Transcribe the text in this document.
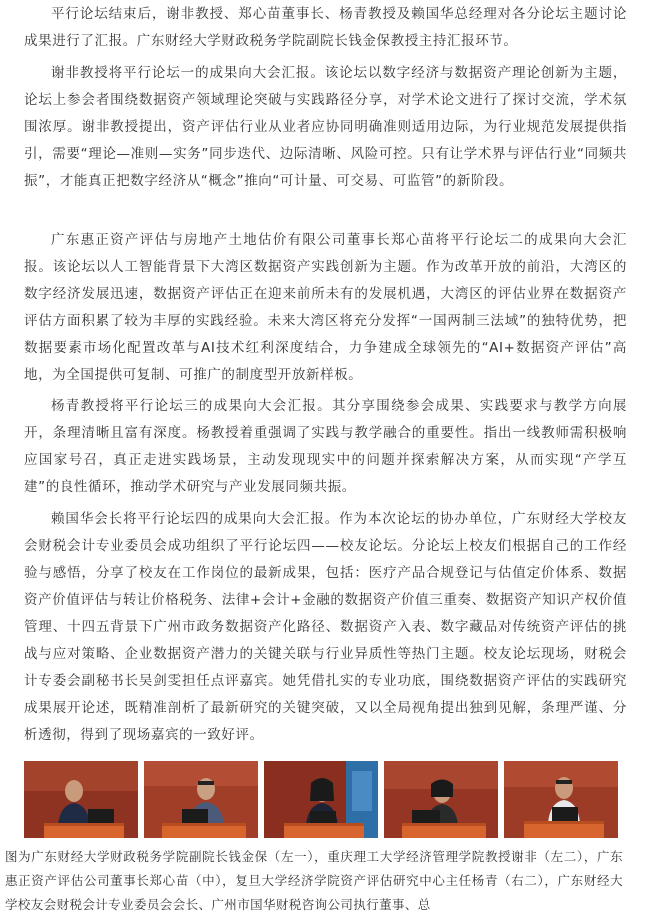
平行论坛结束后，谢非教授、郑心苗董事长、杨青教授及赖国华总经理对各分论坛主题讨论成果进行了汇报。广东财经大学财政税务学院副院长钱金保教授主持汇报环节。

谢非教授将平行论坛一的成果向大会汇报。该论坛以数字经济与数据资产理论创新为主题，论坛上参会者围绕数据资产领域理论突破与实践路径分享，对学术论文进行了探讨交流，学术氛围浓厚。谢非教授提出，资产评估行业从业者应协同明确准则适用边际，为行业规范发展提供指引，需要“理论—准则—实务”同步迭代、边际清晰、风险可控。只有让学术界与评估行业“同频共振”，才能真正把数字经济从“概念”推向“可计量、可交易、可监管”的新阶段。

广东惠正资产评估与房地产土地估价有限公司董事长郑心苗将平行论坛二的成果向大会汇报。该论坛以人工智能背景下大湾区数据资产实践创新为主题。作为改革开放的前沿，大湾区的数字经济发展迅速，数据资产评估正在迎来前所未有的发展机遇，大湾区的评估业界在数据资产评估方面积累了较为丰厚的实践经验。未来大湾区将充分发挥“一国两制三法域”的独特优势，把数据要素市场化配置改革与AI技术红利深度结合，力争建成全球领先的“AI+数据资产评估”高地，为全国提供可复制、可推广的制度型开放新样板。

杨青教授将平行论坛三的成果向大会汇报。其分享围绕参会成果、实践要求与教学方向展开，条理清晰且富有深度。杨教授着重强调了实践与教学融合的重要性。指出一线教师需积极响应国家号召，真正走进实践场景，主动发现现实中的问题并探索解决方案，从而实现“产学互建”的良性循环，推动学术研究与产业发展同频共振。

赖国华会长将平行论坛四的成果向大会汇报。作为本次论坛的协办单位，广东财经大学校友会财税会计专业委员会成功组织了平行论坛四——校友论坛。分论坛上校友们根据自己的工作经验与感悟，分享了校友在工作岗位的最新成果，包括：医疗产品合规登记与估值定价体系、数据资产价值评估与转让价格税务、法律+会计+金融的数据资产价值三重奏、数据资产知识产权价值管理、十四五背景下广州市政务数据资产化路径、数据资产入表、数字藏品对传统资产评估的挑战与应对策略、企业数据资产潜力的关键关联与行业异质性等热门主题。校友论坛现场，财税会计专委会副秘书长吴剑雯担任点评嘉宾。她凭借扎实的专业功底，围绕数据资产评估的实践研究成果展开论述，既精准剖析了最新研究的关键突破，又以全局视角提出独到见解，条理严谨、分析透彻，得到了现场嘉宾的一致好评。

图为广东财经大学财政税务学院副院长钱金保（左一），重庆理工大学经济管理学院教授谢非（左二），广东惠正资产评估公司董事长郑心苗（中），复旦大学经济学院资产评估研究中心主任杨青（右二），广东财经大学校友会财税会计专业委员会会长、广州市国华财税咨询公司执行董事、总
